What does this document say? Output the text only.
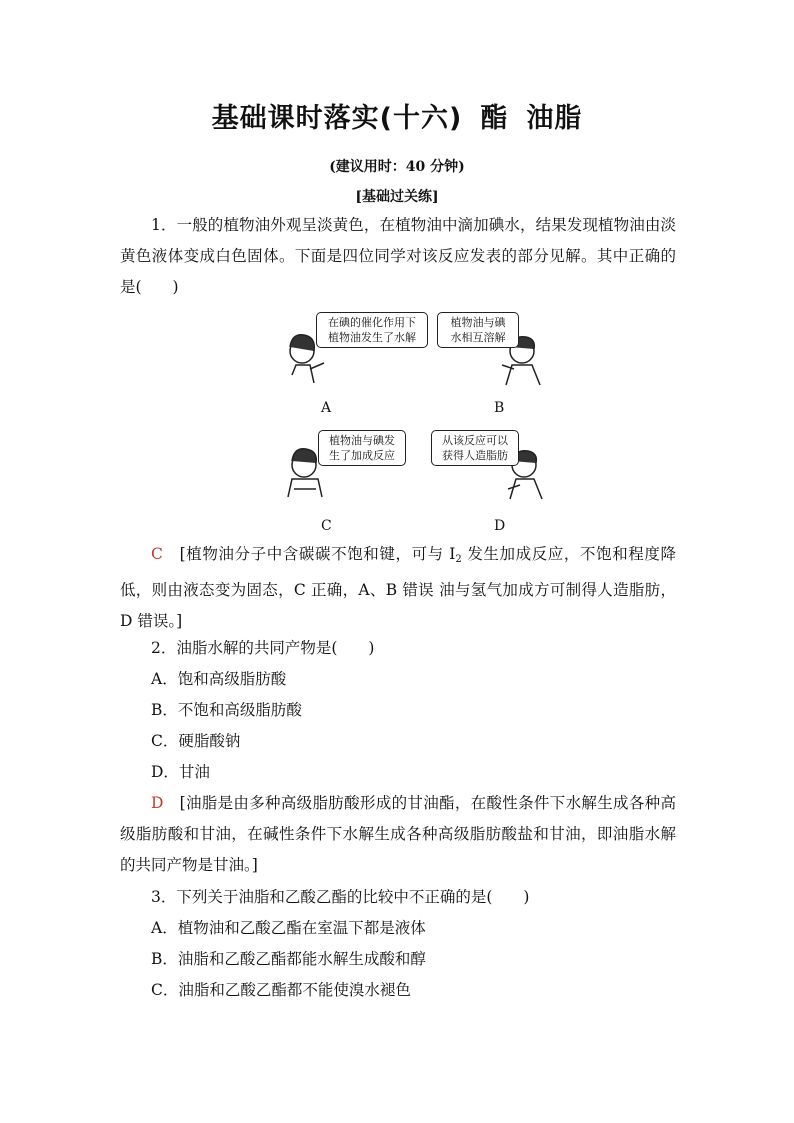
基础课时落实(十六) 酯 油脂
(建议用时：40 分钟)
[基础过关练]
1．一般的植物油外观呈淡黄色，在植物油中滴加碘水，结果发现植物油由淡黄色液体变成白色固体。下面是四位同学对该反应发表的部分见解。其中正确的是(　　)
在碘的催化作用下
植物油发生了水解
植物油与碘
水相互溶解
植物油与碘发
生了加成反应
从该反应可以
获得人造脂肪
A	B
C	D
C　 [植物油分子中含碳碳不饱和键，可与 $I_2$ 发生加成反应，不饱和程度降低，则由液态变为固态，C 正确，A、B 错误 油与氢气加成方可制得人造脂肪，D 错误。]
2．油脂水解的共同产物是(　　)
A．饱和高级脂肪酸
B．不饱和高级脂肪酸
C．硬脂酸钠
D．甘油
D　 [油脂是由多种高级脂肪酸形成的甘油酯，在酸性条件下水解生成各种高级脂肪酸和甘油，在碱性条件下水解生成各种高级脂肪酸盐和甘油，即油脂水解的共同产物是甘油。]
3．下列关于油脂和乙酸乙酯的比较中不正确的是(　　)
A．植物油和乙酸乙酯在室温下都是液体
B．油脂和乙酸乙酯都能水解生成酸和醇
C．油脂和乙酸乙酯都不能使溴水褪色
